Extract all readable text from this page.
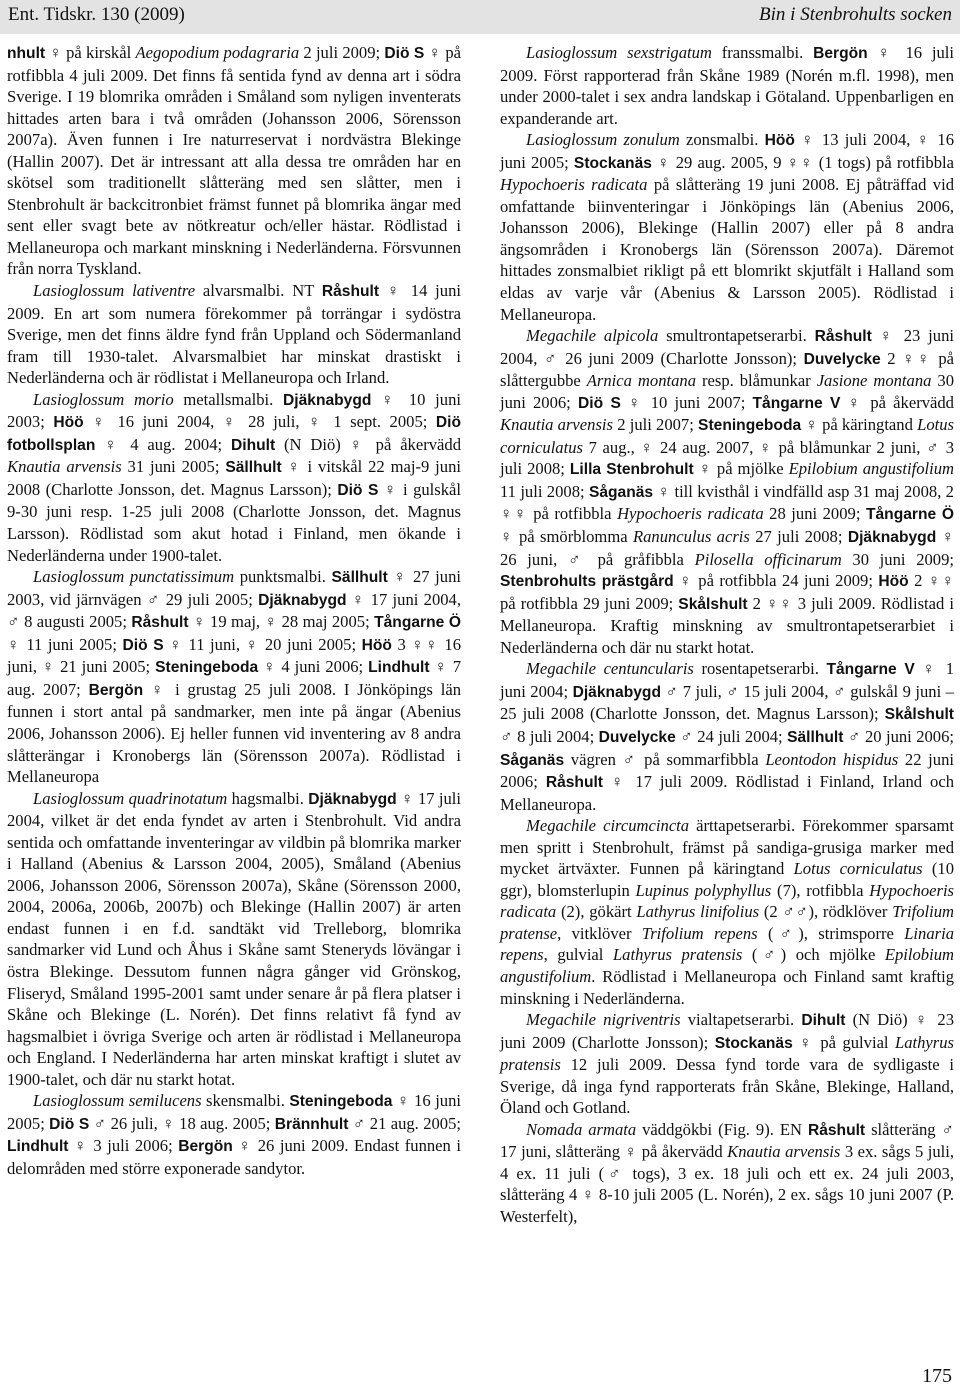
Ent. Tidskr. 130 (2009)	Bin i Stenbrohults socken

nhult ♀ på kirskål Aegopodium podagraria 2 juli 2009; Diö S ♀ på rotfibbla 4 juli 2009. Det finns få sentida fynd av denna art i södra Sverige. I 19 blomrika områden i Småland som nyligen inventerats hittades arten bara i två områden (Johansson 2006, Sörensson 2007a). Även funnen i Ire naturreservat i nordvästra Blekinge (Hallin 2007). Det är intressant att alla dessa tre områden har en skötsel som traditionellt slåtteräng med sen slåtter, men i Stenbrohult är backcitronbiet främst funnet på blomrika ängar med sent eller svagt bete av nötkreatur och/eller hästar. Rödlistad i Mellaneuropa och markant minskning i Nederländerna. Försvunnen från norra Tyskland.

Lasioglossum lativentre alvarsmalbi. NT Råshult ♀ 14 juni 2009. En art som numera förekommer på torrängar i sydöstra Sverige, men det finns äldre fynd från Uppland och Södermanland fram till 1930-talet. Alvarsmalbiet har minskat drastiskt i Nederländerna och är rödlistat i Mellaneuropa och Irland.

Lasioglossum morio metallsmalbi. Djäknabygd ♀ 10 juni 2003; Höö ♀ 16 juni 2004, ♀ 28 juli, ♀ 1 sept. 2005; Diö fotbollsplan ♀ 4 aug. 2004; Dihult (N Diö) ♀ på åkervädd Knautia arvensis 31 juni 2005; Sällhult ♀ i vitskål 22 maj-9 juni 2008 (Charlotte Jonsson, det. Magnus Larsson); Diö S ♀ i gulskål 9-30 juni resp. 1-25 juli 2008 (Charlotte Jonsson, det. Magnus Larsson). Rödlistad som akut hotad i Finland, men ökande i Nederländerna under 1900-talet.

Lasioglossum punctatissimum punktsmalbi. Sällhult ♀ 27 juni 2003, vid järnvägen ♂ 29 juli 2005; Djäknabygd ♀ 17 juni 2004, ♂ 8 augusti 2005; Råshult ♀ 19 maj, ♀ 28 maj 2005; Tångarne Ö ♀ 11 juni 2005; Diö S ♀ 11 juni, ♀ 20 juni 2005; Höö 3 ♀♀ 16 juni, ♀ 21 juni 2005; Steningeboda ♀ 4 juni 2006; Lindhult ♀ 7 aug. 2007; Bergön ♀ i grustag 25 juli 2008. I Jönköpings län funnen i stort antal på sandmarker, men inte på ängar (Abenius 2006, Johansson 2006). Ej heller funnen vid inventering av 8 andra slåtterängar i Kronobergs län (Sörensson 2007a). Rödlistad i Mellaneuropa

Lasioglossum quadrinotatum hagsmalbi. Djäknabygd ♀ 17 juli 2004, vilket är det enda fyndet av arten i Stenbrohult. Vid andra sentida och omfattande inventeringar av vildbin på blomrika marker i Halland (Abenius & Larsson 2004, 2005), Småland (Abenius 2006, Johansson 2006, Sörensson 2007a), Skåne (Sörensson 2000, 2004, 2006a, 2006b, 2007b) och Blekinge (Hallin 2007) är arten endast funnen i en f.d. sandtäkt vid Trelleborg, blomrika sandmarker vid Lund och Åhus i Skåne samt Steneryds lövängar i östra Blekinge. Dessutom funnen några gånger vid Grönskog, Fliseryd, Småland 1995-2001 samt under senare år på flera platser i Skåne och Blekinge (L. Norén). Det finns relativt få fynd av hagsmalbiet i övriga Sverige och arten är rödlistad i Mellaneuropa och England. I Nederländerna har arten minskat kraftigt i slutet av 1900-talet, och där nu starkt hotat.

Lasioglossum semilucens skensmalbi. Steningeboda ♀ 16 juni 2005; Diö S ♂ 26 juli, ♀ 18 aug. 2005; Brännhult ♂ 21 aug. 2005; Lindhult ♀ 3 juli 2006; Bergön ♀ 26 juni 2009. Endast funnen i delområden med större exponerade sandytor.

Lasioglossum sexstrigatum franssmalbi. Bergön ♀ 16 juli 2009. Först rapporterad från Skåne 1989 (Norén m.fl. 1998), men under 2000-talet i sex andra landskap i Götaland. Uppenbarligen en expanderande art.

Lasioglossum zonulum zonsmalbi. Höö ♀ 13 juli 2004, ♀ 16 juni 2005; Stockanäs ♀ 29 aug. 2005, 9 ♀♀ (1 togs) på rotfibbla Hypochoeris radicata på slåtteräng 19 juni 2008. Ej påträffad vid omfattande biinventeringar i Jönköpings län (Abenius 2006, Johansson 2006), Blekinge (Hallin 2007) eller på 8 andra ängsområden i Kronobergs län (Sörensson 2007a). Däremot hittades zonsmalbiet rikligt på ett blomrikt skjutfält i Halland som eldas av varje vår (Abenius & Larsson 2005). Rödlistad i Mellaneuropa.

Megachile alpicola smultrontapetserarbi. Råshult ♀ 23 juni 2004, ♂ 26 juni 2009 (Charlotte Jonsson); Duvelycke 2 ♀♀ på slåttergubbe Arnica montana resp. blåmunkar Jasione montana 30 juni 2006; Diö S ♀ 10 juni 2007; Tångarne V ♀ på åkervädd Knautia arvensis 2 juli 2007; Steningeboda ♀ på käringtand Lotus corniculatus 7 aug., ♀ 24 aug. 2007, ♀ på blåmunkar 2 juni, ♂ 3 juli 2008; Lilla Stenbrohult ♀ på mjölke Epilobium angustifolium 11 juli 2008; Såganäs ♀ till kvisthål i vindfälld asp 31 maj 2008, 2 ♀♀ på rotfibbla Hypochoeris radicata 28 juni 2009; Tångarne Ö ♀ på smörblomma Ranunculus acris 27 juli 2008; Djäknabygd ♀ 26 juni, ♂ på gråfibbla Pilosella officinarum 30 juni 2009; Stenbrohults prästgård ♀ på rotfibbla 24 juni 2009; Höö 2 ♀♀ på rotfibbla 29 juni 2009; Skålshult 2 ♀♀ 3 juli 2009. Rödlistad i Mellaneuropa. Kraftig minskning av smultrontapetserarbiet i Nederländerna och där nu starkt hotat.

Megachile centuncularis rosentapetserarbi. Tångarne V ♀ 1 juni 2004; Djäknabygd ♂ 7 juli, ♂ 15 juli 2004, ♂ gulskål 9 juni – 25 juli 2008 (Charlotte Jonsson, det. Magnus Larsson); Skålshult ♂ 8 juli 2004; Duvelycke ♂ 24 juli 2004; Sällhult ♂ 20 juni 2006; Såganäs vägren ♂ på sommarfibbla Leontodon hispidus 22 juni 2006; Råshult ♀ 17 juli 2009. Rödlistad i Finland, Irland och Mellaneuropa.

Megachile circumcincta ärttapetserarbi. Förekommer sparsamt men spritt i Stenbrohult, främst på sandiga-grusiga marker med mycket ärtväxter. Funnen på käringtand Lotus corniculatus (10 ggr), blomsterlupin Lupinus polyphyllus (7), rotfibbla Hypochoeris radicata (2), gökärt Lathyrus linifolius (2 ♂♂), rödklöver Trifolium pratense, vitklöver Trifolium repens (♂), strimsporre Linaria repens, gulvial Lathyrus pratensis (♂) och mjölke Epilobium angustifolium. Rödlistad i Mellaneuropa och Finland samt kraftig minskning i Nederländerna.

Megachile nigriventris vialtapetserarbi. Dihult (N Diö) ♀ 23 juni 2009 (Charlotte Jonsson); Stockanäs ♀ på gulvial Lathyrus pratensis 12 juli 2009. Dessa fynd torde vara de sydligaste i Sverige, då inga fynd rapporterats från Skåne, Blekinge, Halland, Öland och Gotland.

Nomada armata väddgökbi (Fig. 9). EN Råshult slåtteräng ♂ 17 juni, slåtteräng ♀ på åkervädd Knautia arvensis 3 ex. sågs 5 juli, 4 ex. 11 juli (♂ togs), 3 ex. 18 juli och ett ex. 24 juli 2003, slåtteräng 4 ♀ 8-10 juli 2005 (L. Norén), 2 ex. sågs 10 juni 2007 (P. Westerfelt),

175
